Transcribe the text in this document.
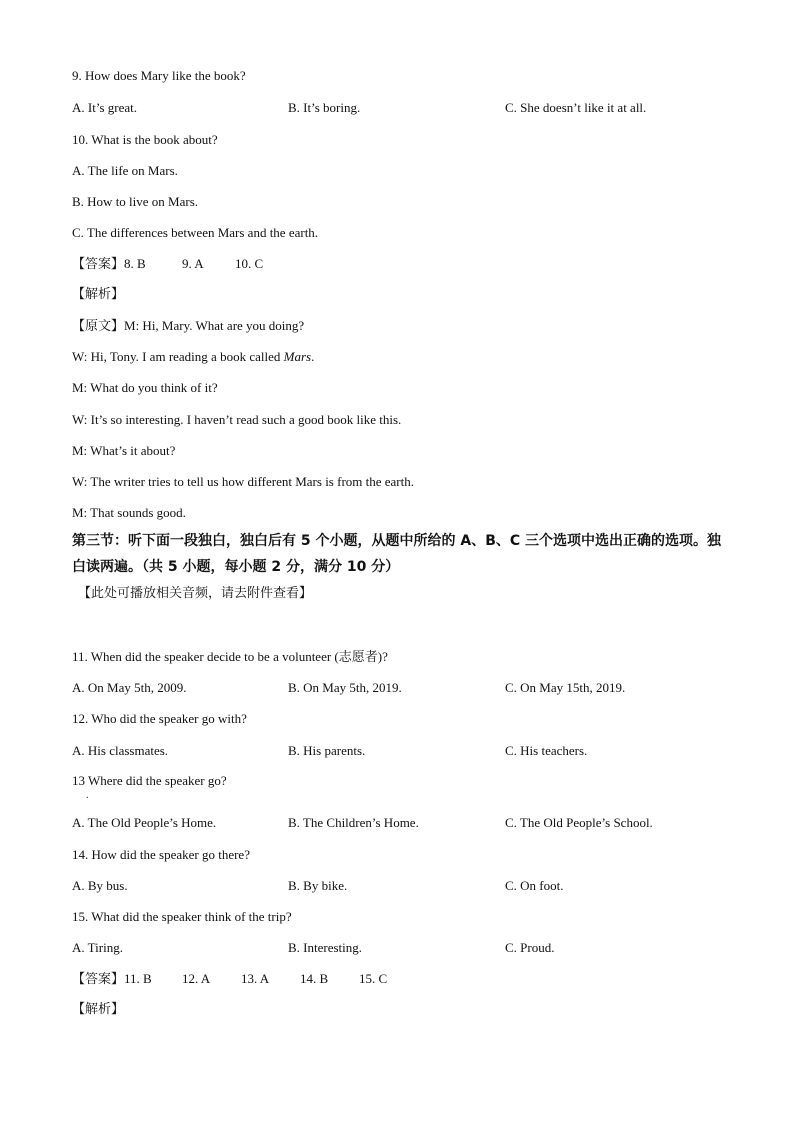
9. How does Mary like the book?
A. It’s great.	B. It’s boring.	C. She doesn’t like it at all.
10. What is the book about?
A. The life on Mars.
B. How to live on Mars.
C. The differences between Mars and the earth.
【答案】8. B	9. A 10. C
【解析】
【原文】M: Hi, Mary. What are you doing?
W: Hi, Tony. I am reading a book called Mars.
M: What do you think of it?
W: It’s so interesting. I haven’t read such a good book like this.
M: What’s it about?
W: The writer tries to tell us how different Mars is from the earth.
M: That sounds good.
第三节：听下面一段独白，独白后有 5 个小题，从题中所给的 A、B、C 三个选项中选出正确的选项。独白读两遍。（共 5 小题，每小题 2 分，满分 10 分）
【此处可播放相关音频，请去附件查看】
11. When did the speaker decide to be a volunteer (志愿者)?
A. On May 5th, 2009.	B. On May 5th, 2019.	C. On May 15th, 2019.
12. Who did the speaker go with?
A. His classmates.	B. His parents.	C. His teachers.
13 Where did the speaker go?
.
A. The Old People’s Home.	B. The Children’s Home.	C. The Old People’s School.
14. How did the speaker go there?
A. By bus.	B. By bike.	C. On foot.
15. What did the speaker think of the trip?
A. Tiring.	B. Interesting.	C. Proud.
【答案】11. B 12. A 13. A 14. B 15. C
【解析】
